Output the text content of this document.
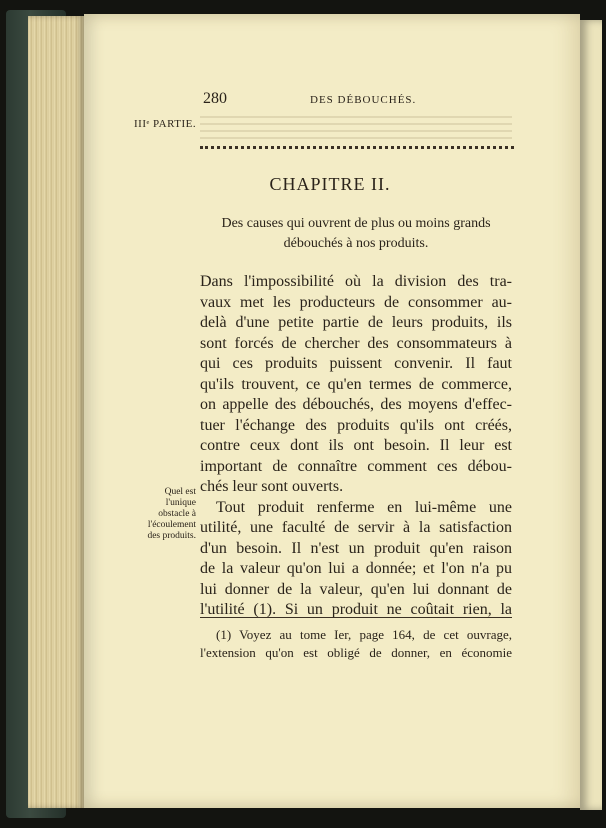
280	DES DÉBOUCHÉS.
IIIᵉ PARTIE.
CHAPITRE II.
Des causes qui ouvrent de plus ou moins grands
débouchés à nos produits.
Dans l'impossibilité où la division des tra-
vaux met les producteurs de consommer au-
delà d'une petite partie de leurs produits, ils
sont forcés de chercher des consommateurs à
qui ces produits puissent convenir. Il faut
qu'ils trouvent, ce qu'en termes de commerce,
on appelle des débouchés, des moyens d'effec-
tuer l'échange des produits qu'ils ont créés,
contre ceux dont ils ont besoin. Il leur est
important de connaître comment ces débou-
chés leur sont ouverts.
Tout produit renferme en lui-même une
utilité, une faculté de servir à la satisfaction
d'un besoin. Il n'est un produit qu'en raison
de la valeur qu'on lui a donnée; et l'on n'a pu
lui donner de la valeur, qu'en lui donnant de
l'utilité (1). Si un produit ne coûtait rien, la
Quel est
l'unique
obstacle à
l'écoulement
des produits.
(1) Voyez au tome Ier, page 164, de cet ouvrage,
l'extension qu'on est obligé de donner, en économie
